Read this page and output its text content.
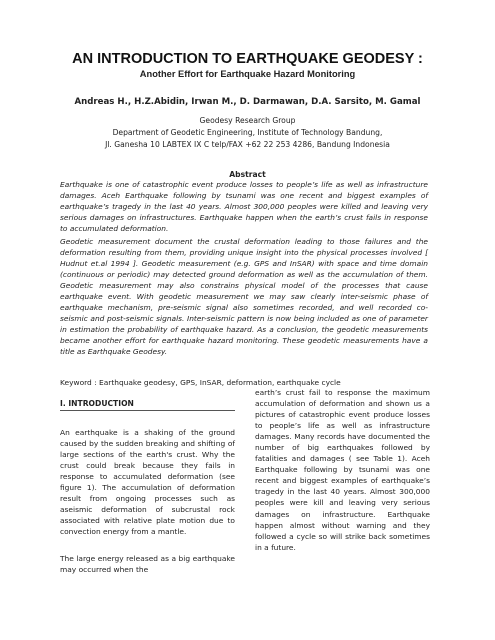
AN INTRODUCTION TO EARTHQUAKE GEODESY :
Another Effort for Earthquake Hazard Monitoring
Andreas H., H.Z.Abidin, Irwan M., D. Darmawan, D.A. Sarsito, M. Gamal
Geodesy Research Group
Department of Geodetic Engineering, Institute of Technology Bandung,
Jl. Ganesha 10 LABTEX IX C telp/FAX +62 22 253 4286, Bandung Indonesia
Abstract

Earthquake is one of catastrophic event produce losses to people’s life as well as infrastructure damages. Aceh Earthquake following by tsunami was one recent and biggest examples of earthquake’s tragedy in the last 40 years. Almost 300,000 peoples were killed and leaving very serious damages on infrastructures. Earthquake happen when the earth’s crust fails in response to accumulated deformation.

Geodetic measurement document the crustal deformation leading to those failures and the deformation resulting from them, providing unique insight into the physical processes involved [ Hudnut et.al 1994 ]. Geodetic measurement (e.g. GPS and InSAR) with space and time domain (continuous or periodic) may detected ground deformation as well as the accumulation of them. Geodetic measurement may also constrains physical model of the processes that cause earthquake event. With geodetic measurement we may saw clearly inter-seismic phase of earthquake mechanism, pre-seismic signal also sometimes recorded, and well recorded co-seismic and post-seismic signals. Inter-seismic pattern is now being included as one of parameter in estimation the probability of earthquake hazard. As a conclusion, the geodetic measurements became another effort for earthquake hazard monitoring. These geodetic measurements have a title as Earthquake Geodesy.

Keyword : Earthquake geodesy, GPS, InSAR, deformation, earthquake cycle

I. INTRODUCTION

An earthquake is a shaking of the ground caused by the sudden breaking and shifting of large sections of the earth's crust. Why the crust could break because they fails in response to accumulated deformation (see figure 1). The accumulation of deformation result from ongoing processes such as aseismic deformation of subcrustal rock associated with relative plate motion due to convection energy from a mantle.

The large energy released as a big earthquake may occurred when the

earth’s crust fail to response the maximum accumulation of deformation and shown us a pictures of catastrophic event produce losses to people’s life as well as infrastructure damages. Many records have documented the number of big earthquakes followed by fatalities and damages ( see Table 1). Aceh Earthquake following by tsunami was one recent and biggest examples of earthquake’s tragedy in the last 40 years. Almost 300,000 peoples were kill and leaving very serious damages on infrastructure. Earthquake happen almost without warning and they followed a cycle so will strike back sometimes in a future.
